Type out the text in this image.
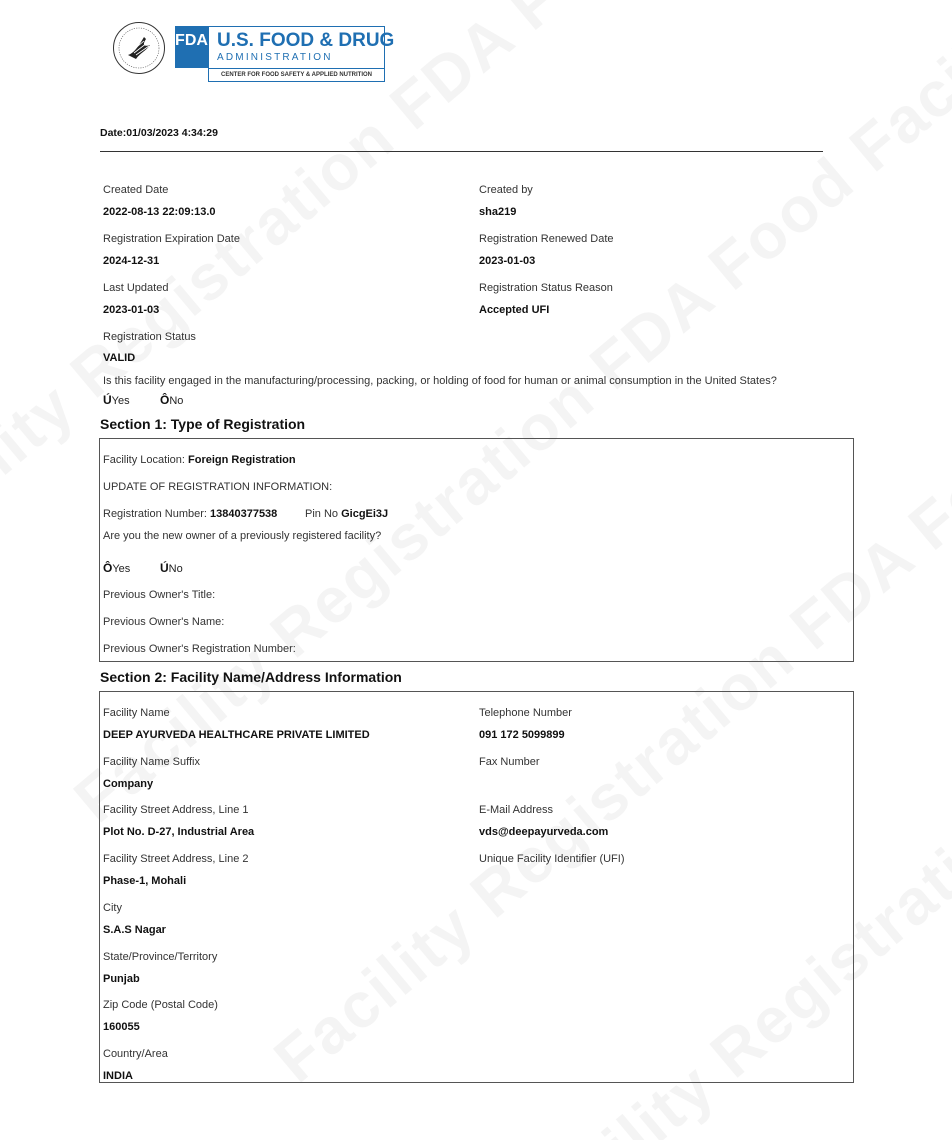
FDA U.S. FOOD & DRUG
ADMINISTRATION
CENTER FOR FOOD SAFETY & APPLIED NUTRITION
Date:01/03/2023 4:34:29
Created Date
2022-08-13 22:09:13.0
Created by
sha219
Registration Expiration Date
2024-12-31
Registration Renewed Date
2023-01-03
Last Updated
2023-01-03
Registration Status Reason
Accepted UFI
Registration Status
VALID
Is this facility engaged in the manufacturing/processing, packing, or holding of food for human or animal consumption in the United States?
ÚYes	ÔNo
Section 1: Type of Registration
Facility Location: Foreign Registration
UPDATE OF REGISTRATION INFORMATION:
Registration Number: 13840377538	Pin No GicgEi3J
Are you the new owner of a previously registered facility?
ÔYes ÚNo
Previous Owner's Title:
Previous Owner's Name:
Previous Owner's Registration Number:
Section 2: Facility Name/Address Information
Facility Name
DEEP AYURVEDA HEALTHCARE PRIVATE LIMITED
Telephone Number
091 172 5099899
Facility Name Suffix
Company
Fax Number
Facility Street Address, Line 1
Plot No. D-27, Industrial Area
E-Mail Address
vds@deepayurveda.com
Facility Street Address, Line 2
Phase-1, Mohali
Unique Facility Identifier (UFI)
City
S.A.S Nagar
State/Province/Territory
Punjab
Zip Code (Postal Code)
160055
Country/Area
INDIA
